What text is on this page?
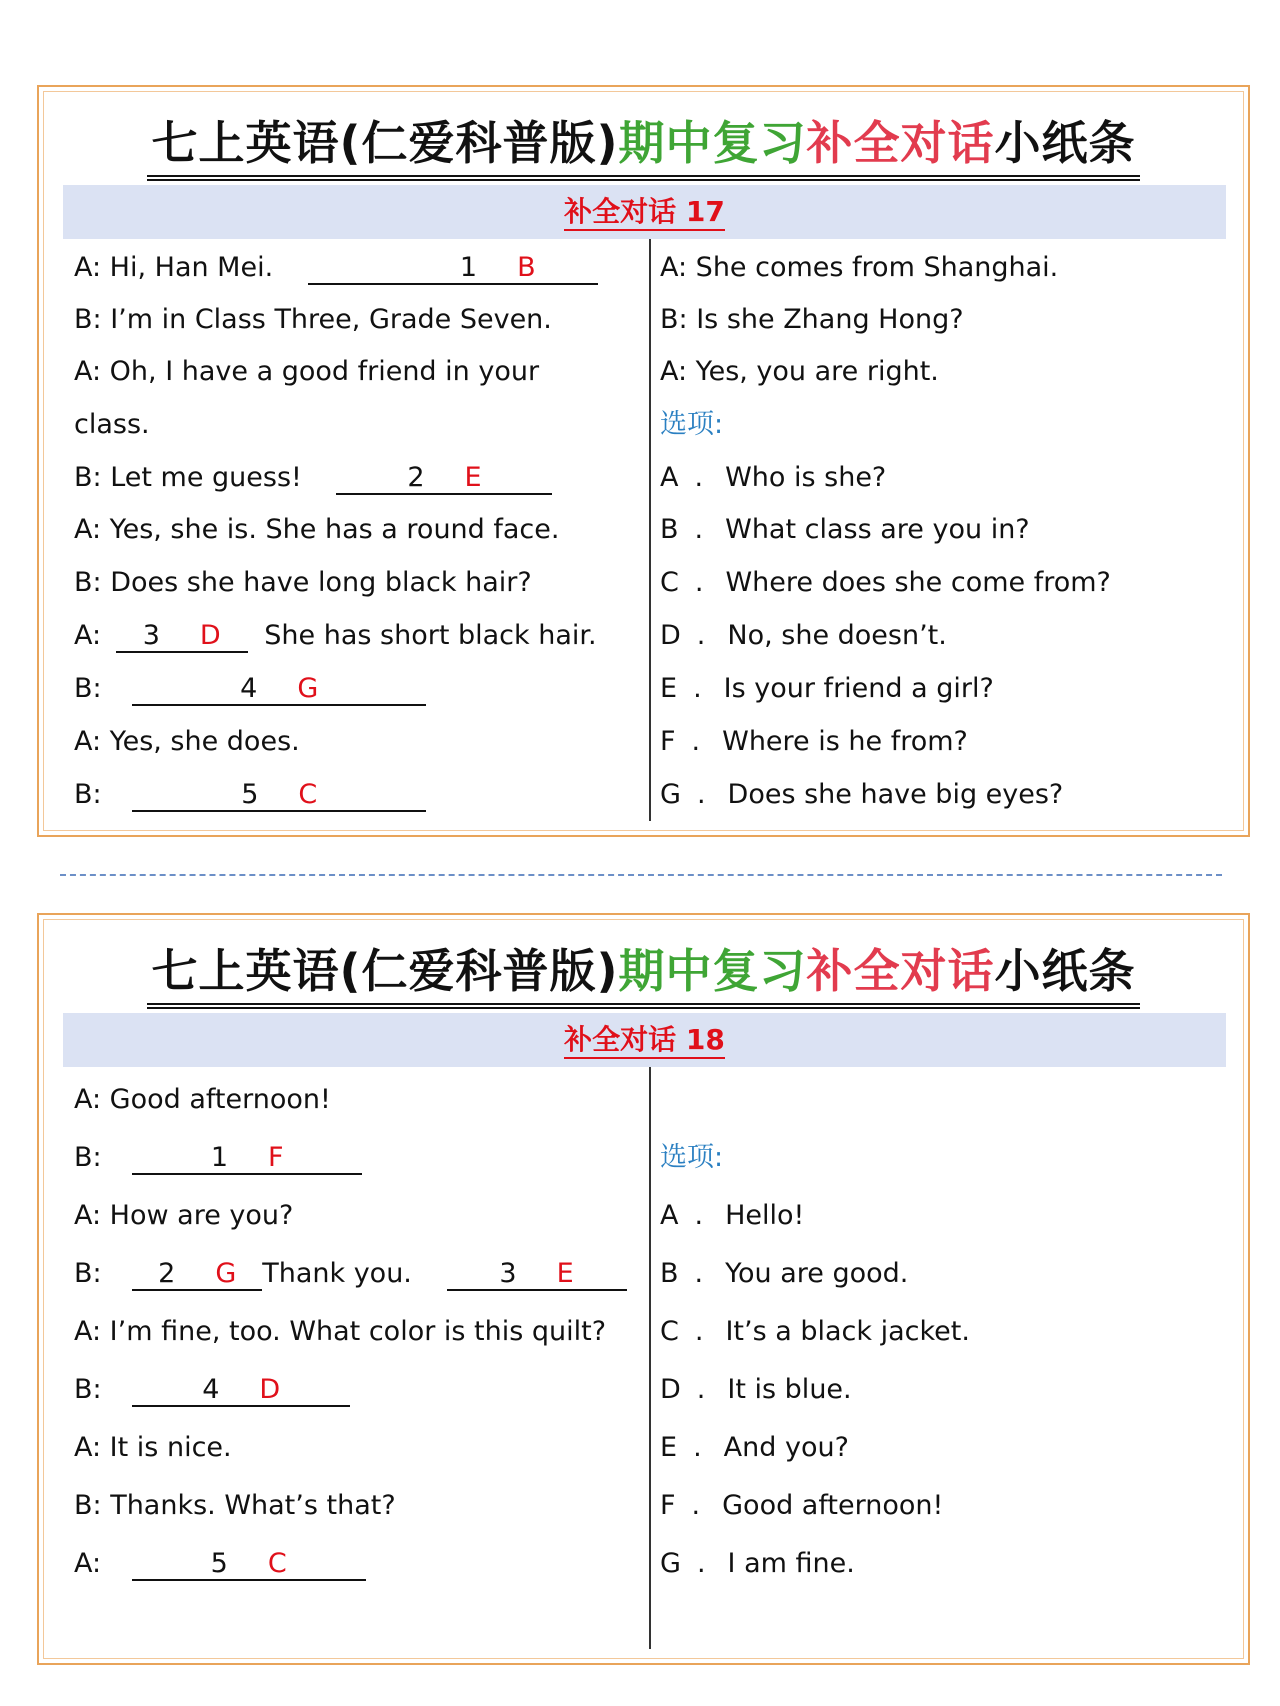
七上英语(仁爱科普版)期中复习补全对话小纸条
补全对话 17
A: Hi, Han Mei.	1 B
B: I’m in Class Three, Grade Seven.
A: Oh, I have a good friend in your
class.
B: Let me guess!	2 E
A: Yes, she is. She has a round face.
B: Does she have long black hair?
A: 3 D She has short black hair.
B:	4 G
A: Yes, she does.
B:	5 C
A: She comes from Shanghai.
B: Is she Zhang Hong?
A: Yes, you are right.
选项:
A . Who is she?
B . What class are you in?
C . Where does she come from?
D . No, she doesn’t.
E . Is your friend a girl?
F . Where is he from?
G . Does she have big eyes?
七上英语(仁爱科普版)期中复习补全对话小纸条
补全对话 18
A: Good afternoon!
B:	1 F
A: How are you?
B: 2 G Thank you.	3 E
A: I’m fine, too. What color is this quilt?
B:	4 D
A: It is nice.
B: Thanks. What’s that?
A:	5 C
选项:
A . Hello!
B . You are good.
C . It’s a black jacket.
D . It is blue.
E . And you?
F . Good afternoon!
G . I am fine.
